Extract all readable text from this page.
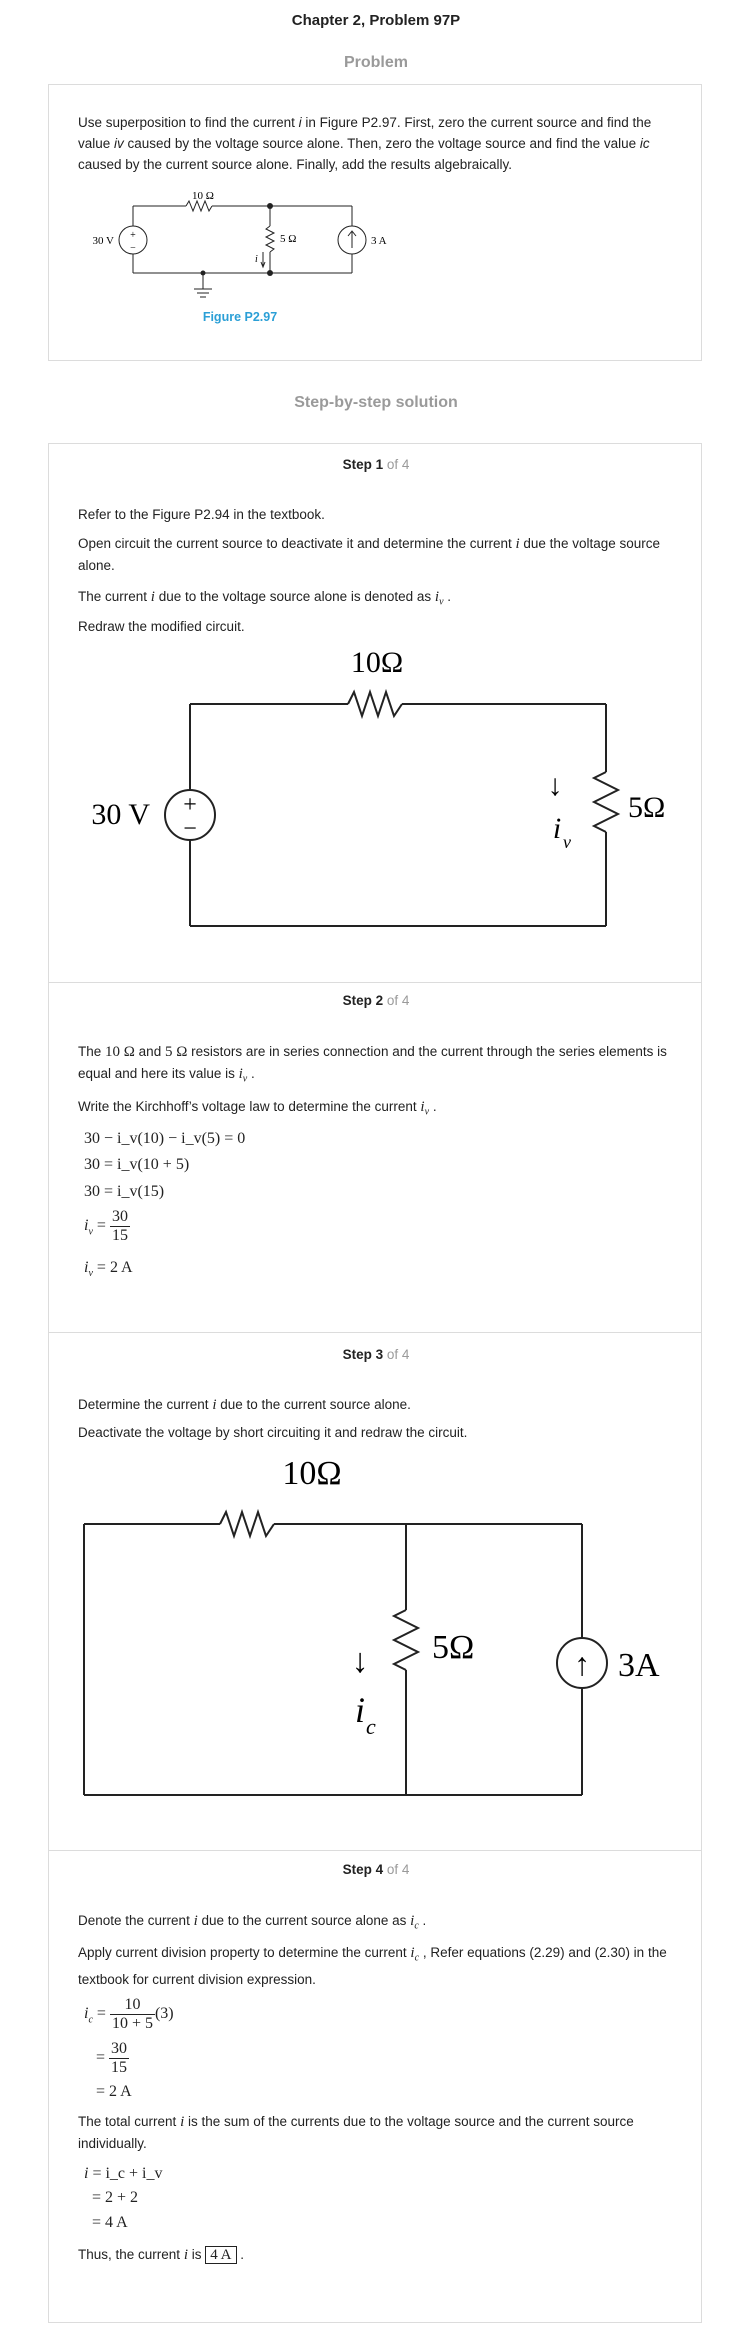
Chapter 2, Problem 97P
Problem
Use superposition to find the current i in Figure P2.97. First, zero the current source and find the value iv caused by the voltage source alone. Then, zero the voltage source and find the value ic caused by the current source alone. Finally, add the results algebraically.
10 Ω
30 V +
−
5 Ω	3 A
i
Figure P2.97
Step-by-step solution
Step 1 of 4
Refer to the Figure P2.94 in the textbook.
Open circuit the current source to deactivate it and determine the current i due the voltage source alone.
The current i due to the voltage source alone is denoted as $i_v$ .
Redraw the modified circuit.
10Ω
30 V +
−
5Ω
↓
i v
Step 2 of 4
The 10 Ω and 5 Ω resistors are in series connection and the current through the series elements is equal and here its value is $i_v$ .
Write the Kirchhoff’s voltage law to determine the current $i_v$ .
30 − i_v(10) − i_v(5) = 0
30 = i_v(10 + 5)
30 = i_v(15)
$i_v = \frac{30}{15}$
$i_v = 2$ A
Step 3 of 4
Determine the current i due to the current source alone.
Deactivate the voltage by short circuiting it and redraw the circuit.
10Ω
5Ω
↓
i c
↑ 3A
Step 4 of 4
Denote the current i due to the current source alone as $i_c$ .
Apply current division property to determine the current $i_c$ , Refer equations (2.29) and (2.30) in the textbook for current division expression.
$i_c = \frac{10}{10 + 5} (3)$
= $\frac{30}{15}$
= 2 A
The total current i is the sum of the currents due to the voltage source and the current source individually.
i = i_c + i_v
= 2 + 2
= 4 A
Thus, the current i is 4 A .
